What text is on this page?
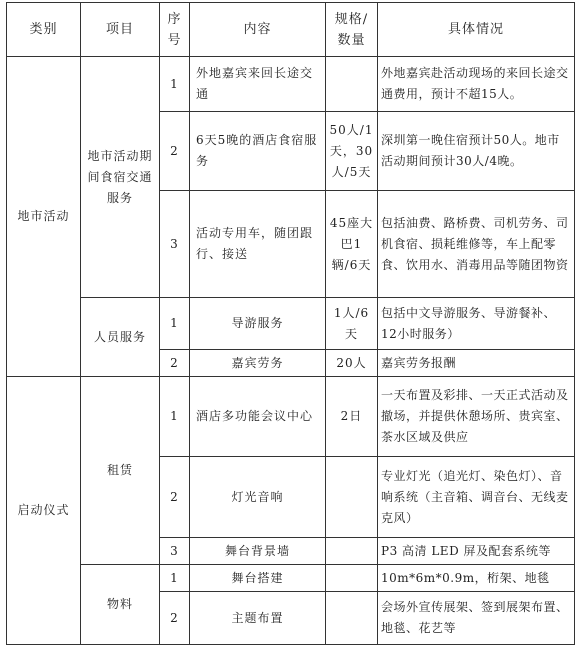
类别	项目	序号	内容	规格/数量	具体情况
地市活动	地市活动期间食宿交通服务	1	外地嘉宾来回长途交通		外地嘉宾赴活动现场的来回长途交通费用，预计不超15人。
		2	6天5晚的酒店食宿服务	50人/1天，30人/5天	深圳第一晚住宿预计50人。地市活动期间预计30人/4晚。
		3	活动专用车，随团跟行、接送	45座大巴1辆/6天	包括油费、路桥费、司机劳务、司机食宿、损耗维修等，车上配零食、饮用水、消毒用品等随团物资
	人员服务	1	导游服务	1人/6天	包括中文导游服务、导游餐补、12小时服务）
		2	嘉宾劳务	20人	嘉宾劳务报酬
启动仪式	租赁	1	酒店多功能会议中心	2日	一天布置及彩排、一天正式活动及撤场，并提供休憩场所、贵宾室、茶水区域及供应
		2	灯光音响		专业灯光（追光灯、染色灯）、音响系统（主音箱、调音台、无线麦克风）
		3	舞台背景墙		P3 高清 LED 屏及配套系统等
	物料	1	舞台搭建		10m*6m*0.9m，桁架、地毯
		2	主题布置		会场外宣传展架、签到展架布置、地毯、花艺等
